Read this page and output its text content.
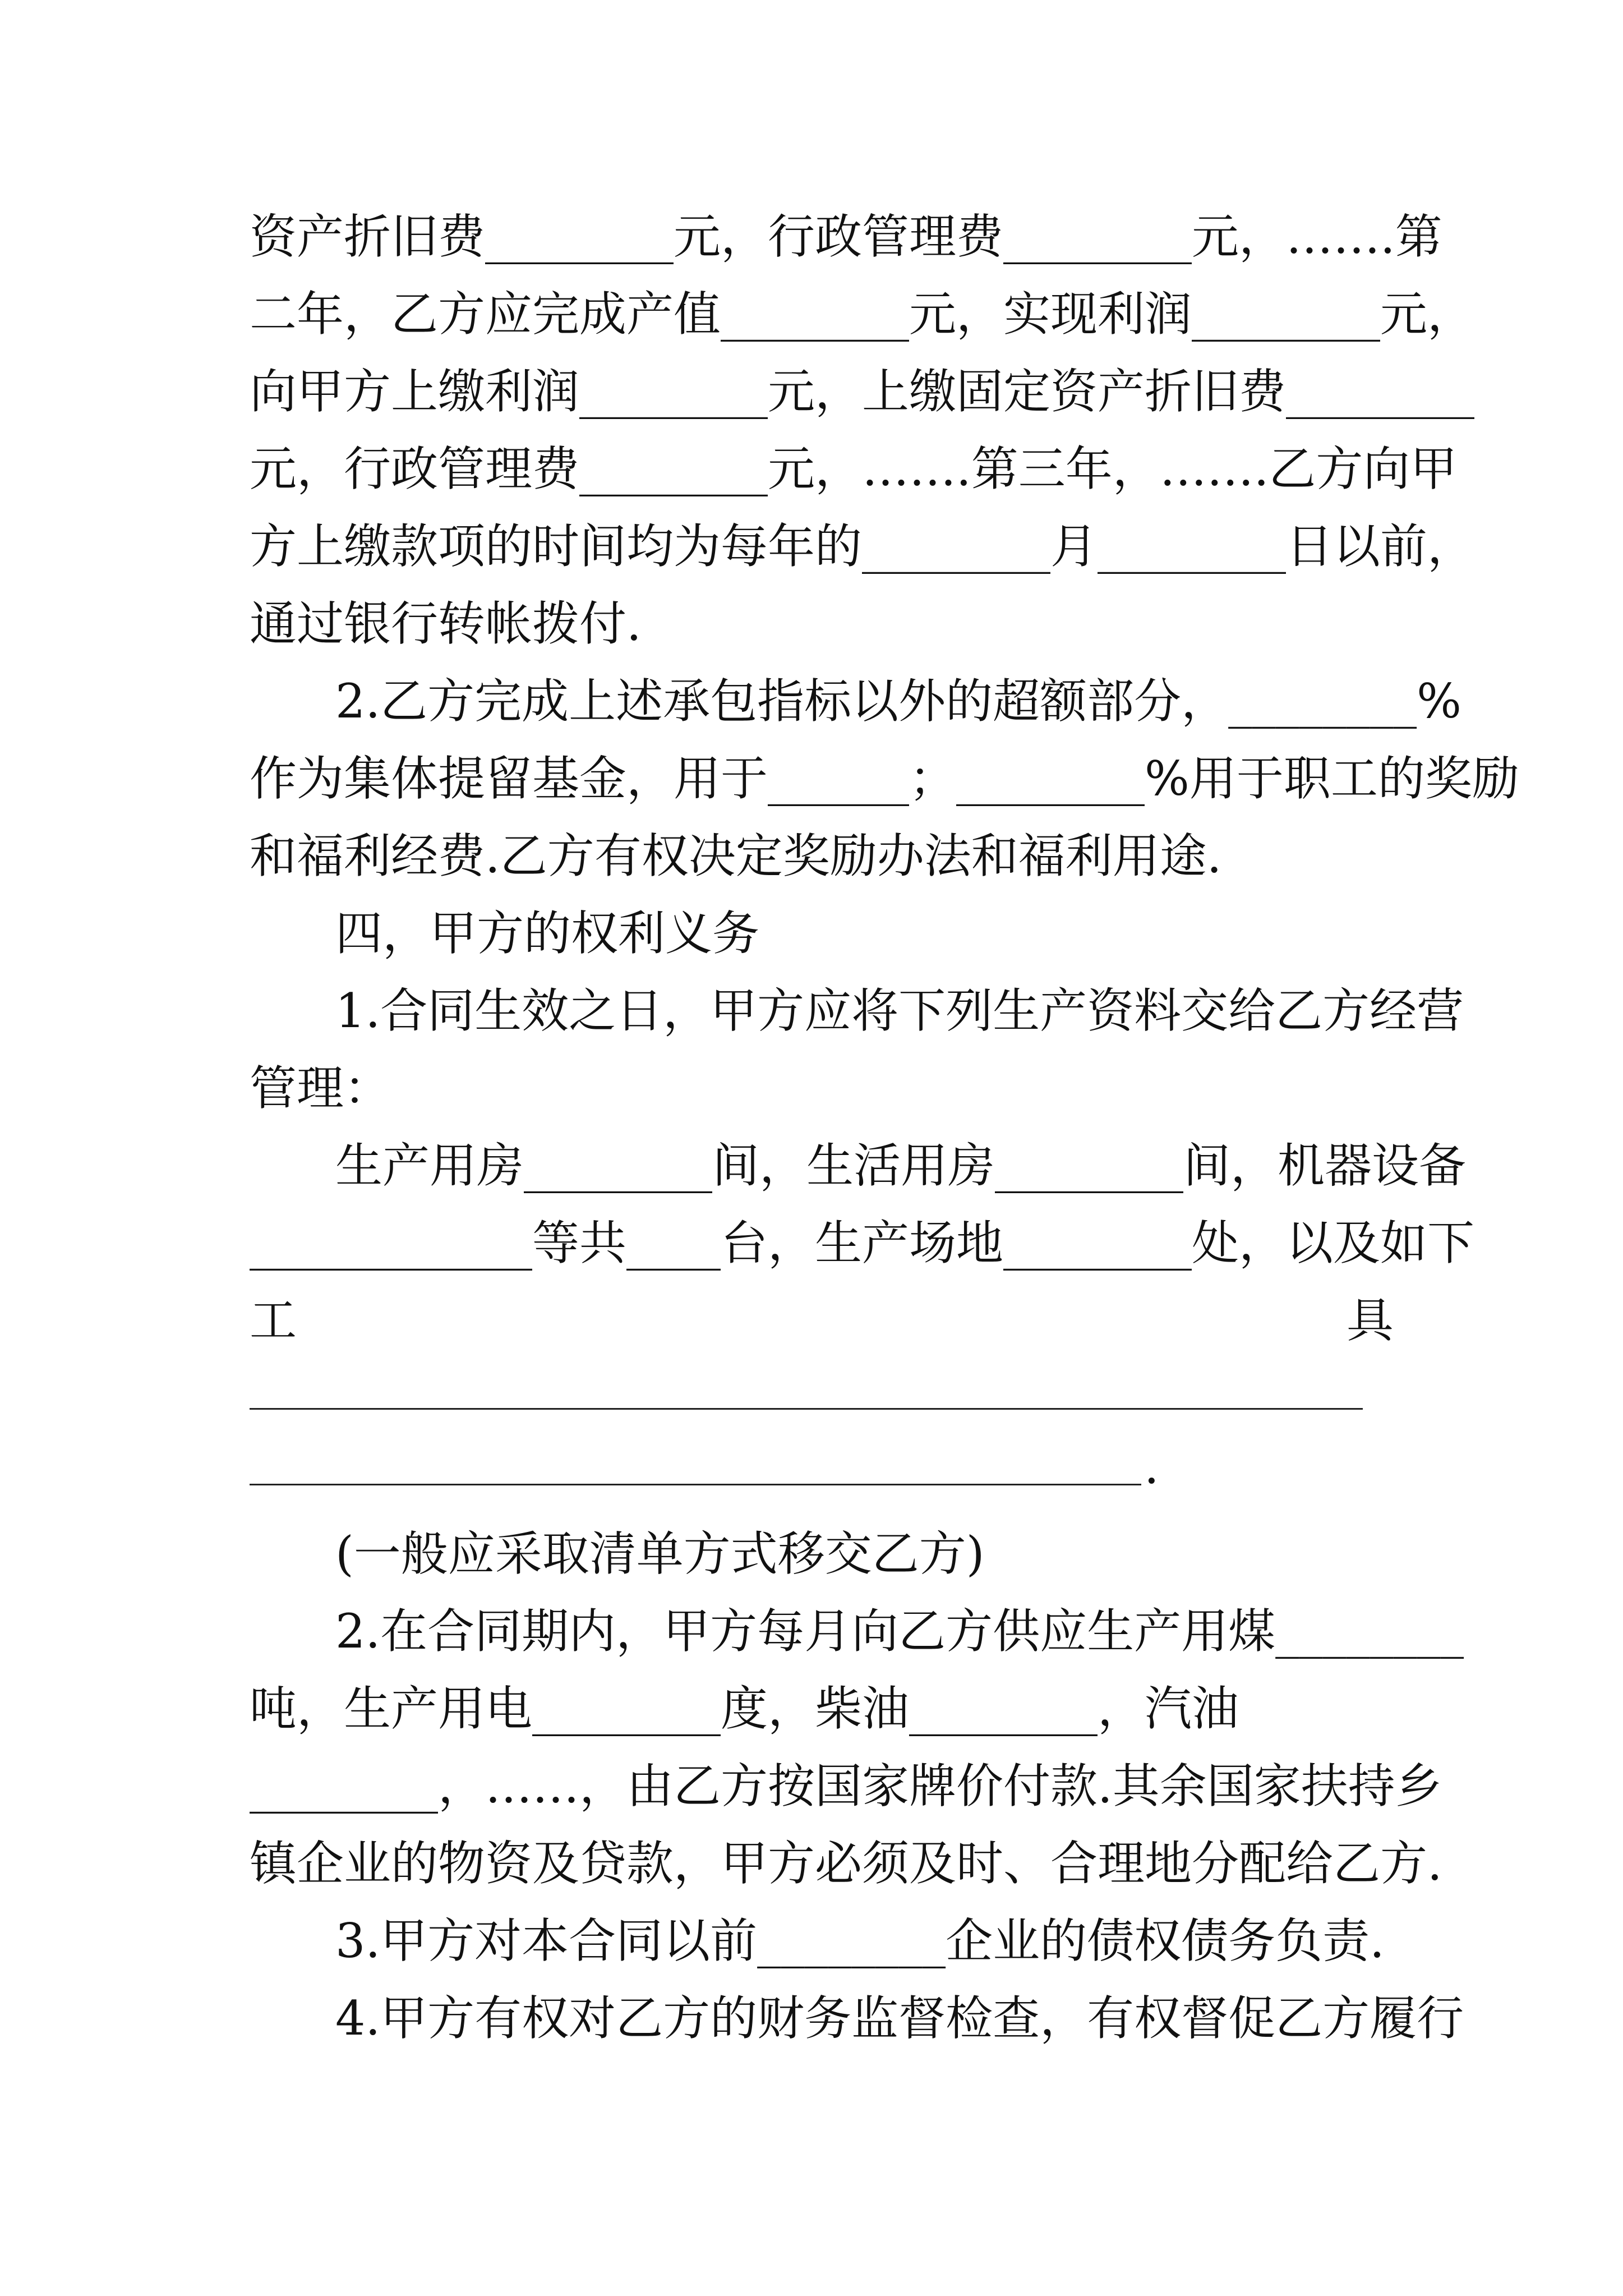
资产折旧费________元，行政管理费________元，…….第
二年，乙方应完成产值________元，实现利润________元，
向甲方上缴利润________元，上缴固定资产折旧费________
元，行政管理费________元，…….第三年，…….乙方向甲
方上缴款项的时间均为每年的________月________日以前，
通过银行转帐拨付.
2.乙方完成上述承包指标以外的超额部分，________%
作为集体提留基金，用于______；________%用于职工的奖励
和福利经费.乙方有权决定奖励办法和福利用途.
四，甲方的权利义务
1.合同生效之日，甲方应将下列生产资料交给乙方经营
管理：
生产用房________间，生活用房________间，机器设备
____________等共____台，生产场地________处，以及如下
工	具
.
(一般应采取清单方式移交乙方)
2.在合同期内，甲方每月向乙方供应生产用煤________
吨，生产用电________度，柴油________，汽油
________，……，由乙方按国家牌价付款.其余国家扶持乡
镇企业的物资及贷款，甲方必须及时、合理地分配给乙方.
3.甲方对本合同以前________企业的债权债务负责.
4.甲方有权对乙方的财务监督检查，有权督促乙方履行
